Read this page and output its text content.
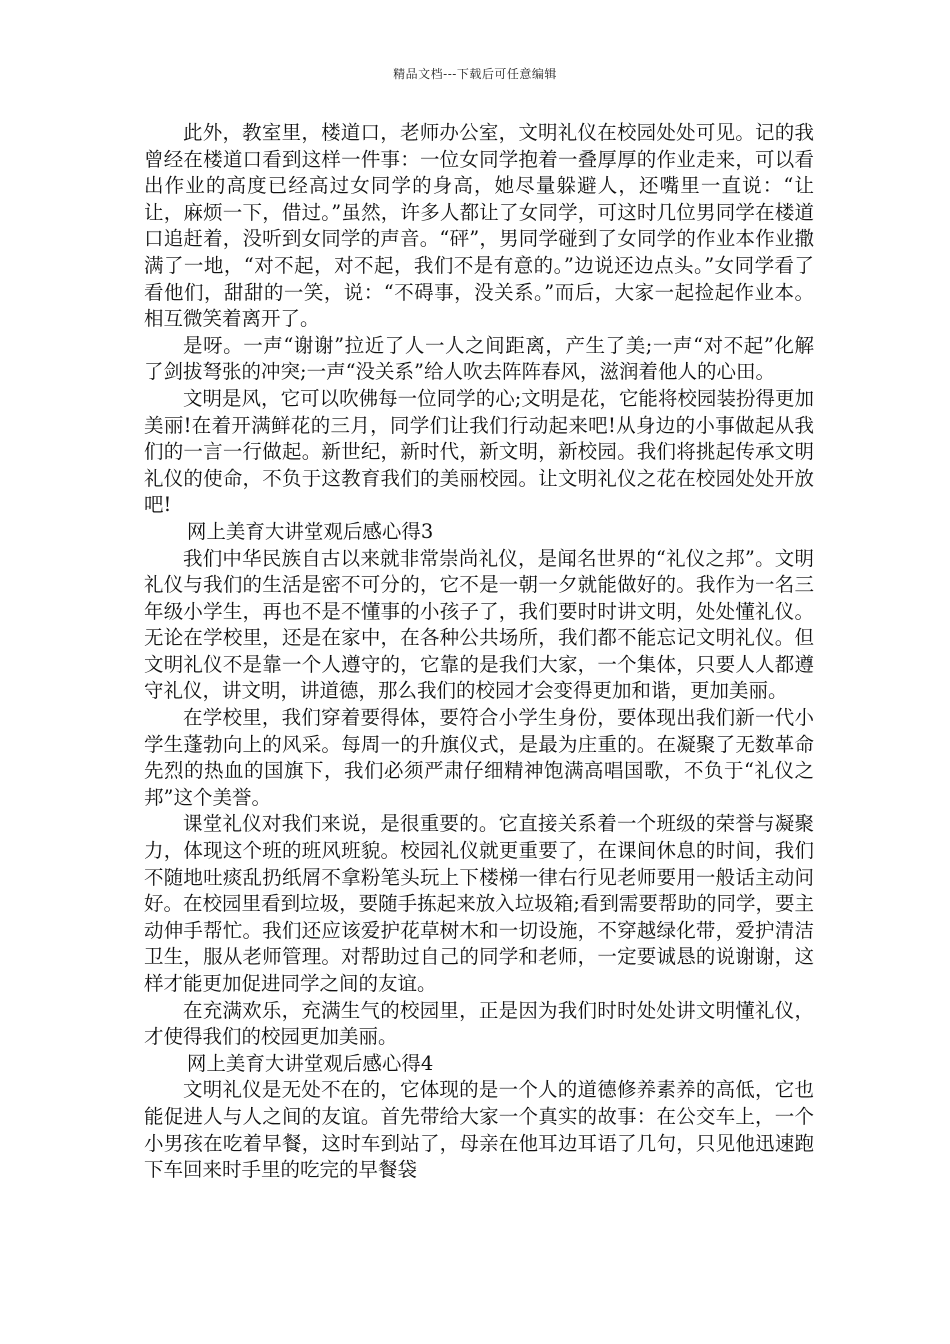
精品文档---下载后可任意编辑

此外，教室里，楼道口，老师办公室，文明礼仪在校园处处可见。记的我曾经在楼道口看到这样一件事：一位女同学抱着一叠厚厚的作业走来，可以看出作业的高度已经高过女同学的身高，她尽量躲避人，还嘴里一直说：“让让，麻烦一下，借过。”虽然，许多人都让了女同学，可这时几位男同学在楼道口追赶着，没听到女同学的声音。“砰”，男同学碰到了女同学的作业本作业撒满了一地，“对不起，对不起，我们不是有意的。”边说还边点头。”女同学看了看他们，甜甜的一笑，说：“不碍事，没关系。”而后，大家一起捡起作业本。相互微笑着离开了。

是呀。一声“谢谢”拉近了人一人之间距离，产生了美;一声“对不起”化解了剑拔弩张的冲突;一声“没关系”给人吹去阵阵春风，滋润着他人的心田。

文明是风，它可以吹佛每一位同学的心;文明是花，它能将校园装扮得更加美丽!在着开满鲜花的三月，同学们让我们行动起来吧!从身边的小事做起从我们的一言一行做起。新世纪，新时代，新文明，新校园。我们将挑起传承文明礼仪的使命，不负于这教育我们的美丽校园。让文明礼仪之花在校园处处开放吧!

网上美育大讲堂观后感心得3

我们中华民族自古以来就非常崇尚礼仪，是闻名世界的“礼仪之邦”。文明礼仪与我们的生活是密不可分的，它不是一朝一夕就能做好的。我作为一名三年级小学生，再也不是不懂事的小孩子了，我们要时时讲文明，处处懂礼仪。无论在学校里，还是在家中，在各种公共场所，我们都不能忘记文明礼仪。但文明礼仪不是靠一个人遵守的，它靠的是我们大家，一个集体，只要人人都遵守礼仪，讲文明，讲道德，那么我们的校园才会变得更加和谐，更加美丽。

在学校里，我们穿着要得体，要符合小学生身份，要体现出我们新一代小学生蓬勃向上的风采。每周一的升旗仪式，是最为庄重的。在凝聚了无数革命先烈的热血的国旗下，我们必须严肃仔细精神饱满高唱国歌，不负于“礼仪之邦”这个美誉。

课堂礼仪对我们来说，是很重要的。它直接关系着一个班级的荣誉与凝聚力，体现这个班的班风班貌。校园礼仪就更重要了，在课间休息的时间，我们不随地吐痰乱扔纸屑不拿粉笔头玩上下楼梯一律右行见老师要用一般话主动问好。在校园里看到垃圾，要随手拣起来放入垃圾箱;看到需要帮助的同学，要主动伸手帮忙。我们还应该爱护花草树木和一切设施，不穿越绿化带，爱护清洁卫生，服从老师管理。对帮助过自己的同学和老师，一定要诚恳的说谢谢，这样才能更加促进同学之间的友谊。

在充满欢乐，充满生气的校园里，正是因为我们时时处处讲文明懂礼仪，才使得我们的校园更加美丽。

网上美育大讲堂观后感心得4

文明礼仪是无处不在的，它体现的是一个人的道德修养素养的高低，它也能促进人与人之间的友谊。首先带给大家一个真实的故事：在公交车上，一个小男孩在吃着早餐，这时车到站了，母亲在他耳边耳语了几句，只见他迅速跑下车回来时手里的吃完的早餐袋
